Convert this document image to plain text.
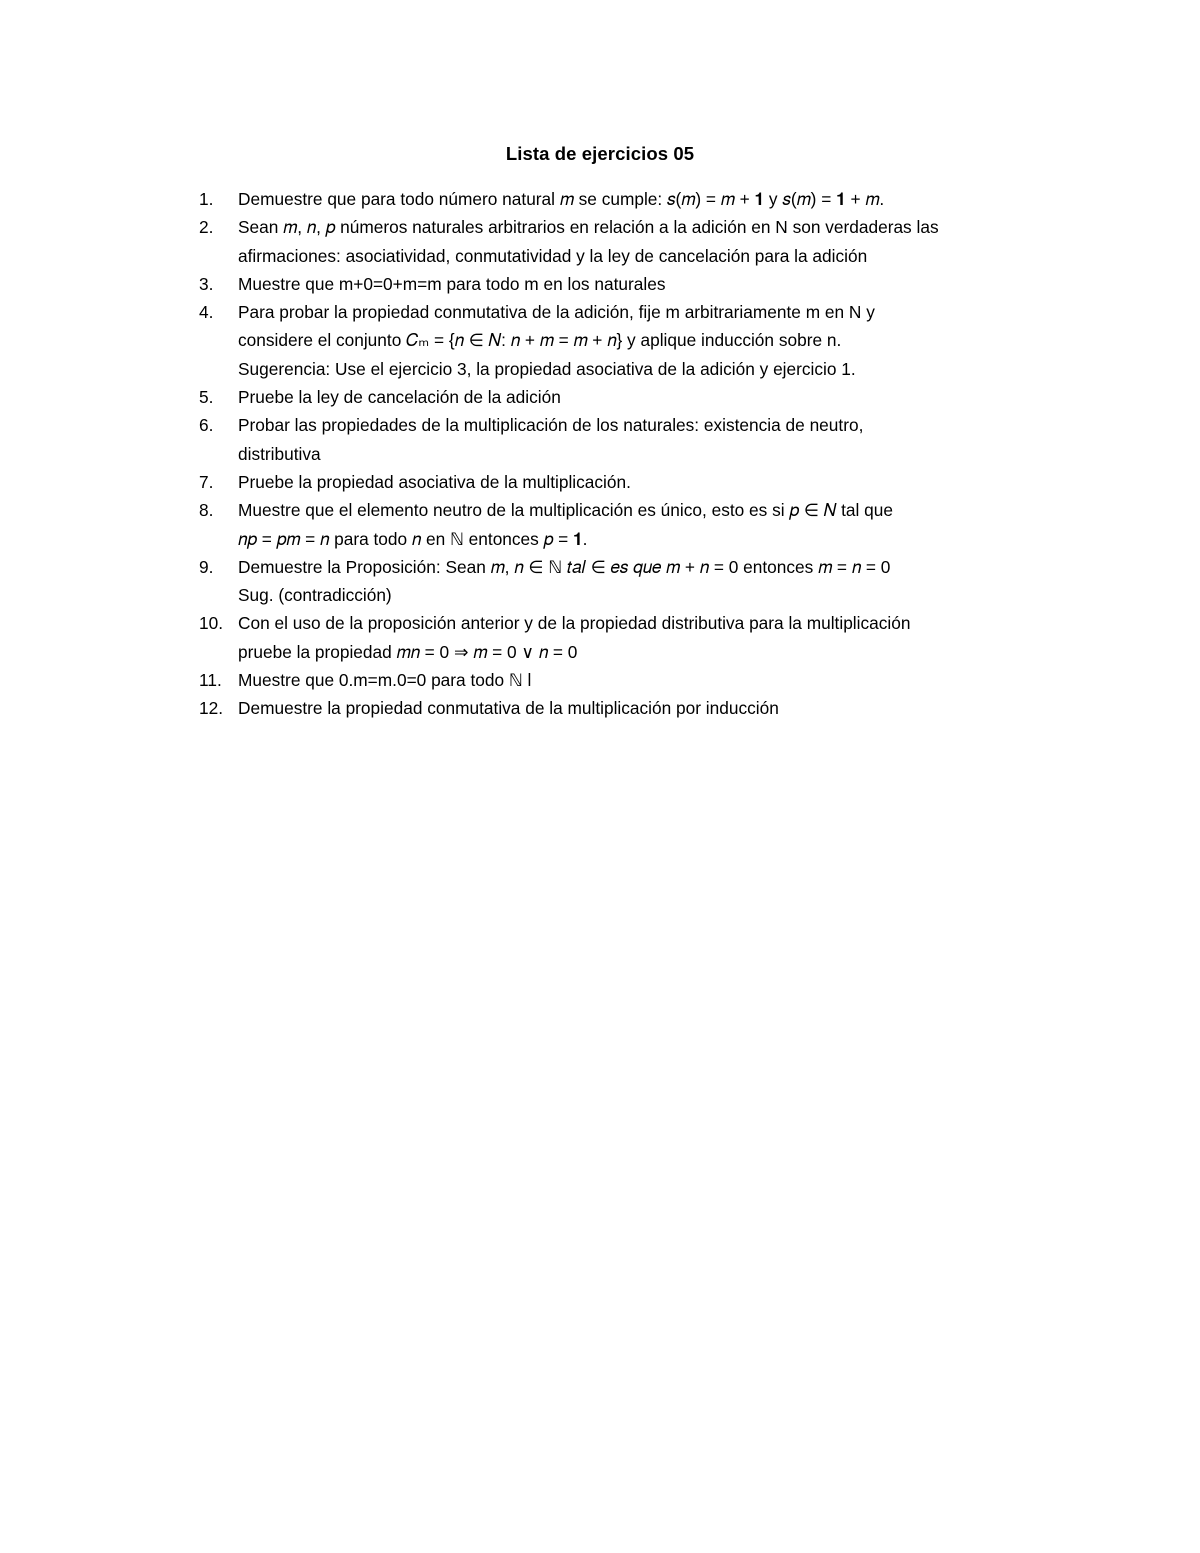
Lista de ejercicios 05
1. Demuestre que para todo número natural 𝑚 se cumple: 𝑠(𝑚) = 𝑚 + 𝟏 y 𝑠(𝑚) = 𝟏 + 𝑚.
2. Sean 𝑚, 𝑛, 𝑝 números naturales arbitrarios en relación a la adición en N son verdaderas las
afirmaciones: asociatividad, conmutatividad y la ley de cancelación para la adición
3. Muestre que m+0=0+m=m para todo m en los naturales
4. Para probar la propiedad conmutativa de la adición, fije m arbitrariamente m en N y
considere el conjunto 𝐶ₘ = {𝑛 ∈ 𝑁: 𝑛 + 𝑚 = 𝑚 + 𝑛} y aplique inducción sobre n.
Sugerencia: Use el ejercicio 3, la propiedad asociativa de la adición y ejercicio 1.
5. Pruebe la ley de cancelación de la adición
6. Probar las propiedades de la multiplicación de los naturales: existencia de neutro,
distributiva
7. Pruebe la propiedad asociativa de la multiplicación.
8. Muestre que el elemento neutro de la multiplicación es único, esto es si 𝑝 ∈ 𝑁 tal que
𝑛𝑝 = 𝑝𝑚 = 𝑛 para todo 𝑛 en ℕ entonces 𝑝 = 𝟏.
9. Demuestre la Proposición: Sean 𝑚, 𝑛 ∈ ℕ 𝑡𝑎𝑙 ∈ 𝑒𝑠 𝑞𝑢𝑒 𝑚 + 𝑛 = 0 entonces 𝑚 = 𝑛 = 0
Sug. (contradicción)
10. Con el uso de la proposición anterior y de la propiedad distributiva para la multiplicación
pruebe la propiedad 𝑚𝑛 = 0 ⇒ 𝑚 = 0 ∨ 𝑛 = 0
11. Muestre que 0.m=m.0=0 para todo ℕ l
12. Demuestre la propiedad conmutativa de la multiplicación por inducción
